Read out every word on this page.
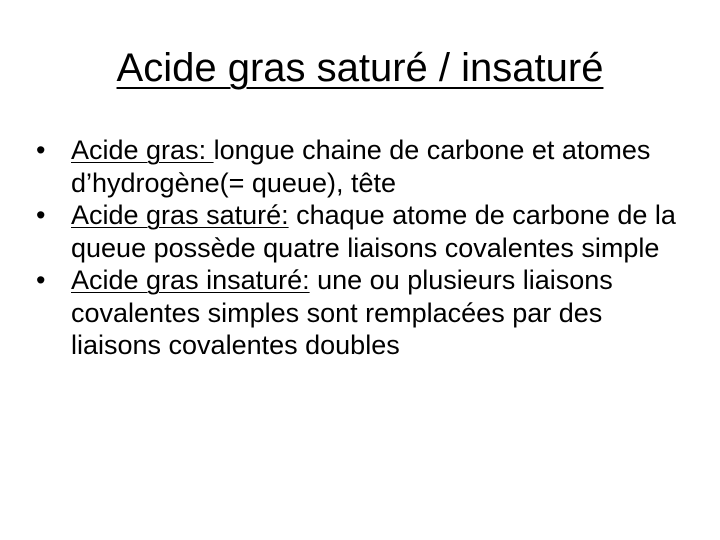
Acide gras saturé / insaturé
• Acide gras: longue chaine de carbone et atomes d’hydrogène(= queue), tête
• Acide gras saturé: chaque atome de carbone de la queue possède quatre liaisons covalentes simple
• Acide gras insaturé: une ou plusieurs liaisons covalentes simples sont remplacées par des liaisons covalentes doubles
